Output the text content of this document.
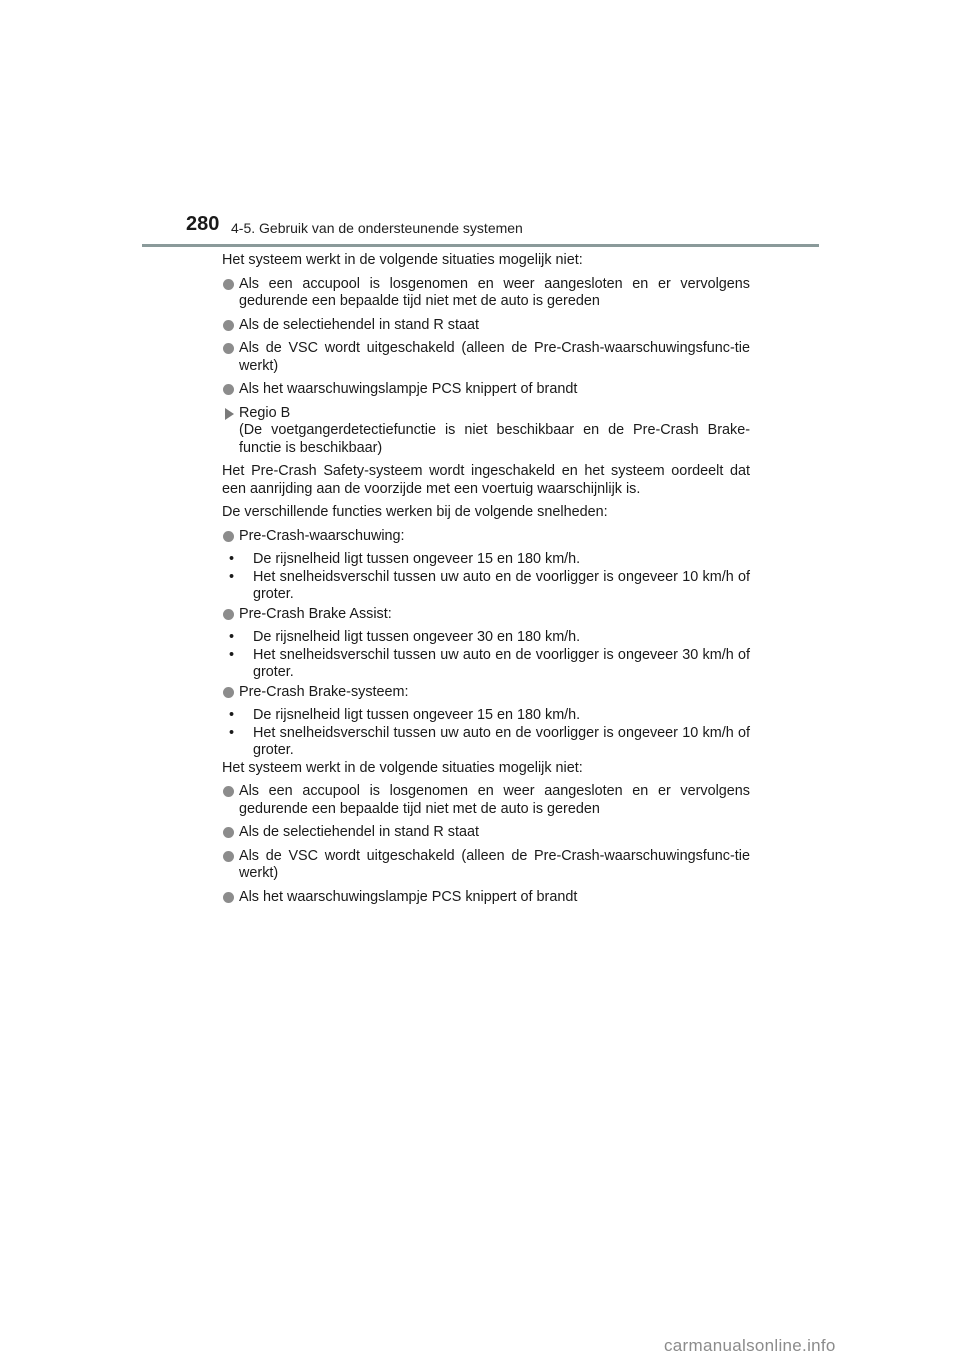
280 4-5. Gebruik van de ondersteunende systemen

Het systeem werkt in de volgende situaties mogelijk niet:

Als een accupool is losgenomen en weer aangesloten en er vervolgens gedurende een bepaalde tijd niet met de auto is gereden
Als de selectiehendel in stand R staat
Als de VSC wordt uitgeschakeld (alleen de Pre-Crash-waarschuwingsfunc-tie werkt)
Als het waarschuwingslampje PCS knippert of brandt
Regio B
(De voetgangerdetectiefunctie is niet beschikbaar en de Pre-Crash Brake-functie is beschikbaar)

Het Pre-Crash Safety-systeem wordt ingeschakeld en het systeem oordeelt dat een aanrijding aan de voorzijde met een voertuig waarschijnlijk is.

De verschillende functies werken bij de volgende snelheden:

Pre-Crash-waarschuwing:
• De rijsnelheid ligt tussen ongeveer 15 en 180 km/h.
• Het snelheidsverschil tussen uw auto en de voorligger is ongeveer 10 km/h of groter.
Pre-Crash Brake Assist:
• De rijsnelheid ligt tussen ongeveer 30 en 180 km/h.
• Het snelheidsverschil tussen uw auto en de voorligger is ongeveer 30 km/h of groter.
Pre-Crash Brake-systeem:
• De rijsnelheid ligt tussen ongeveer 15 en 180 km/h.
• Het snelheidsverschil tussen uw auto en de voorligger is ongeveer 10 km/h of groter.

Het systeem werkt in de volgende situaties mogelijk niet:

Als een accupool is losgenomen en weer aangesloten en er vervolgens gedurende een bepaalde tijd niet met de auto is gereden
Als de selectiehendel in stand R staat
Als de VSC wordt uitgeschakeld (alleen de Pre-Crash-waarschuwingsfunc-tie werkt)
Als het waarschuwingslampje PCS knippert of brandt
carmanualsonline.info
